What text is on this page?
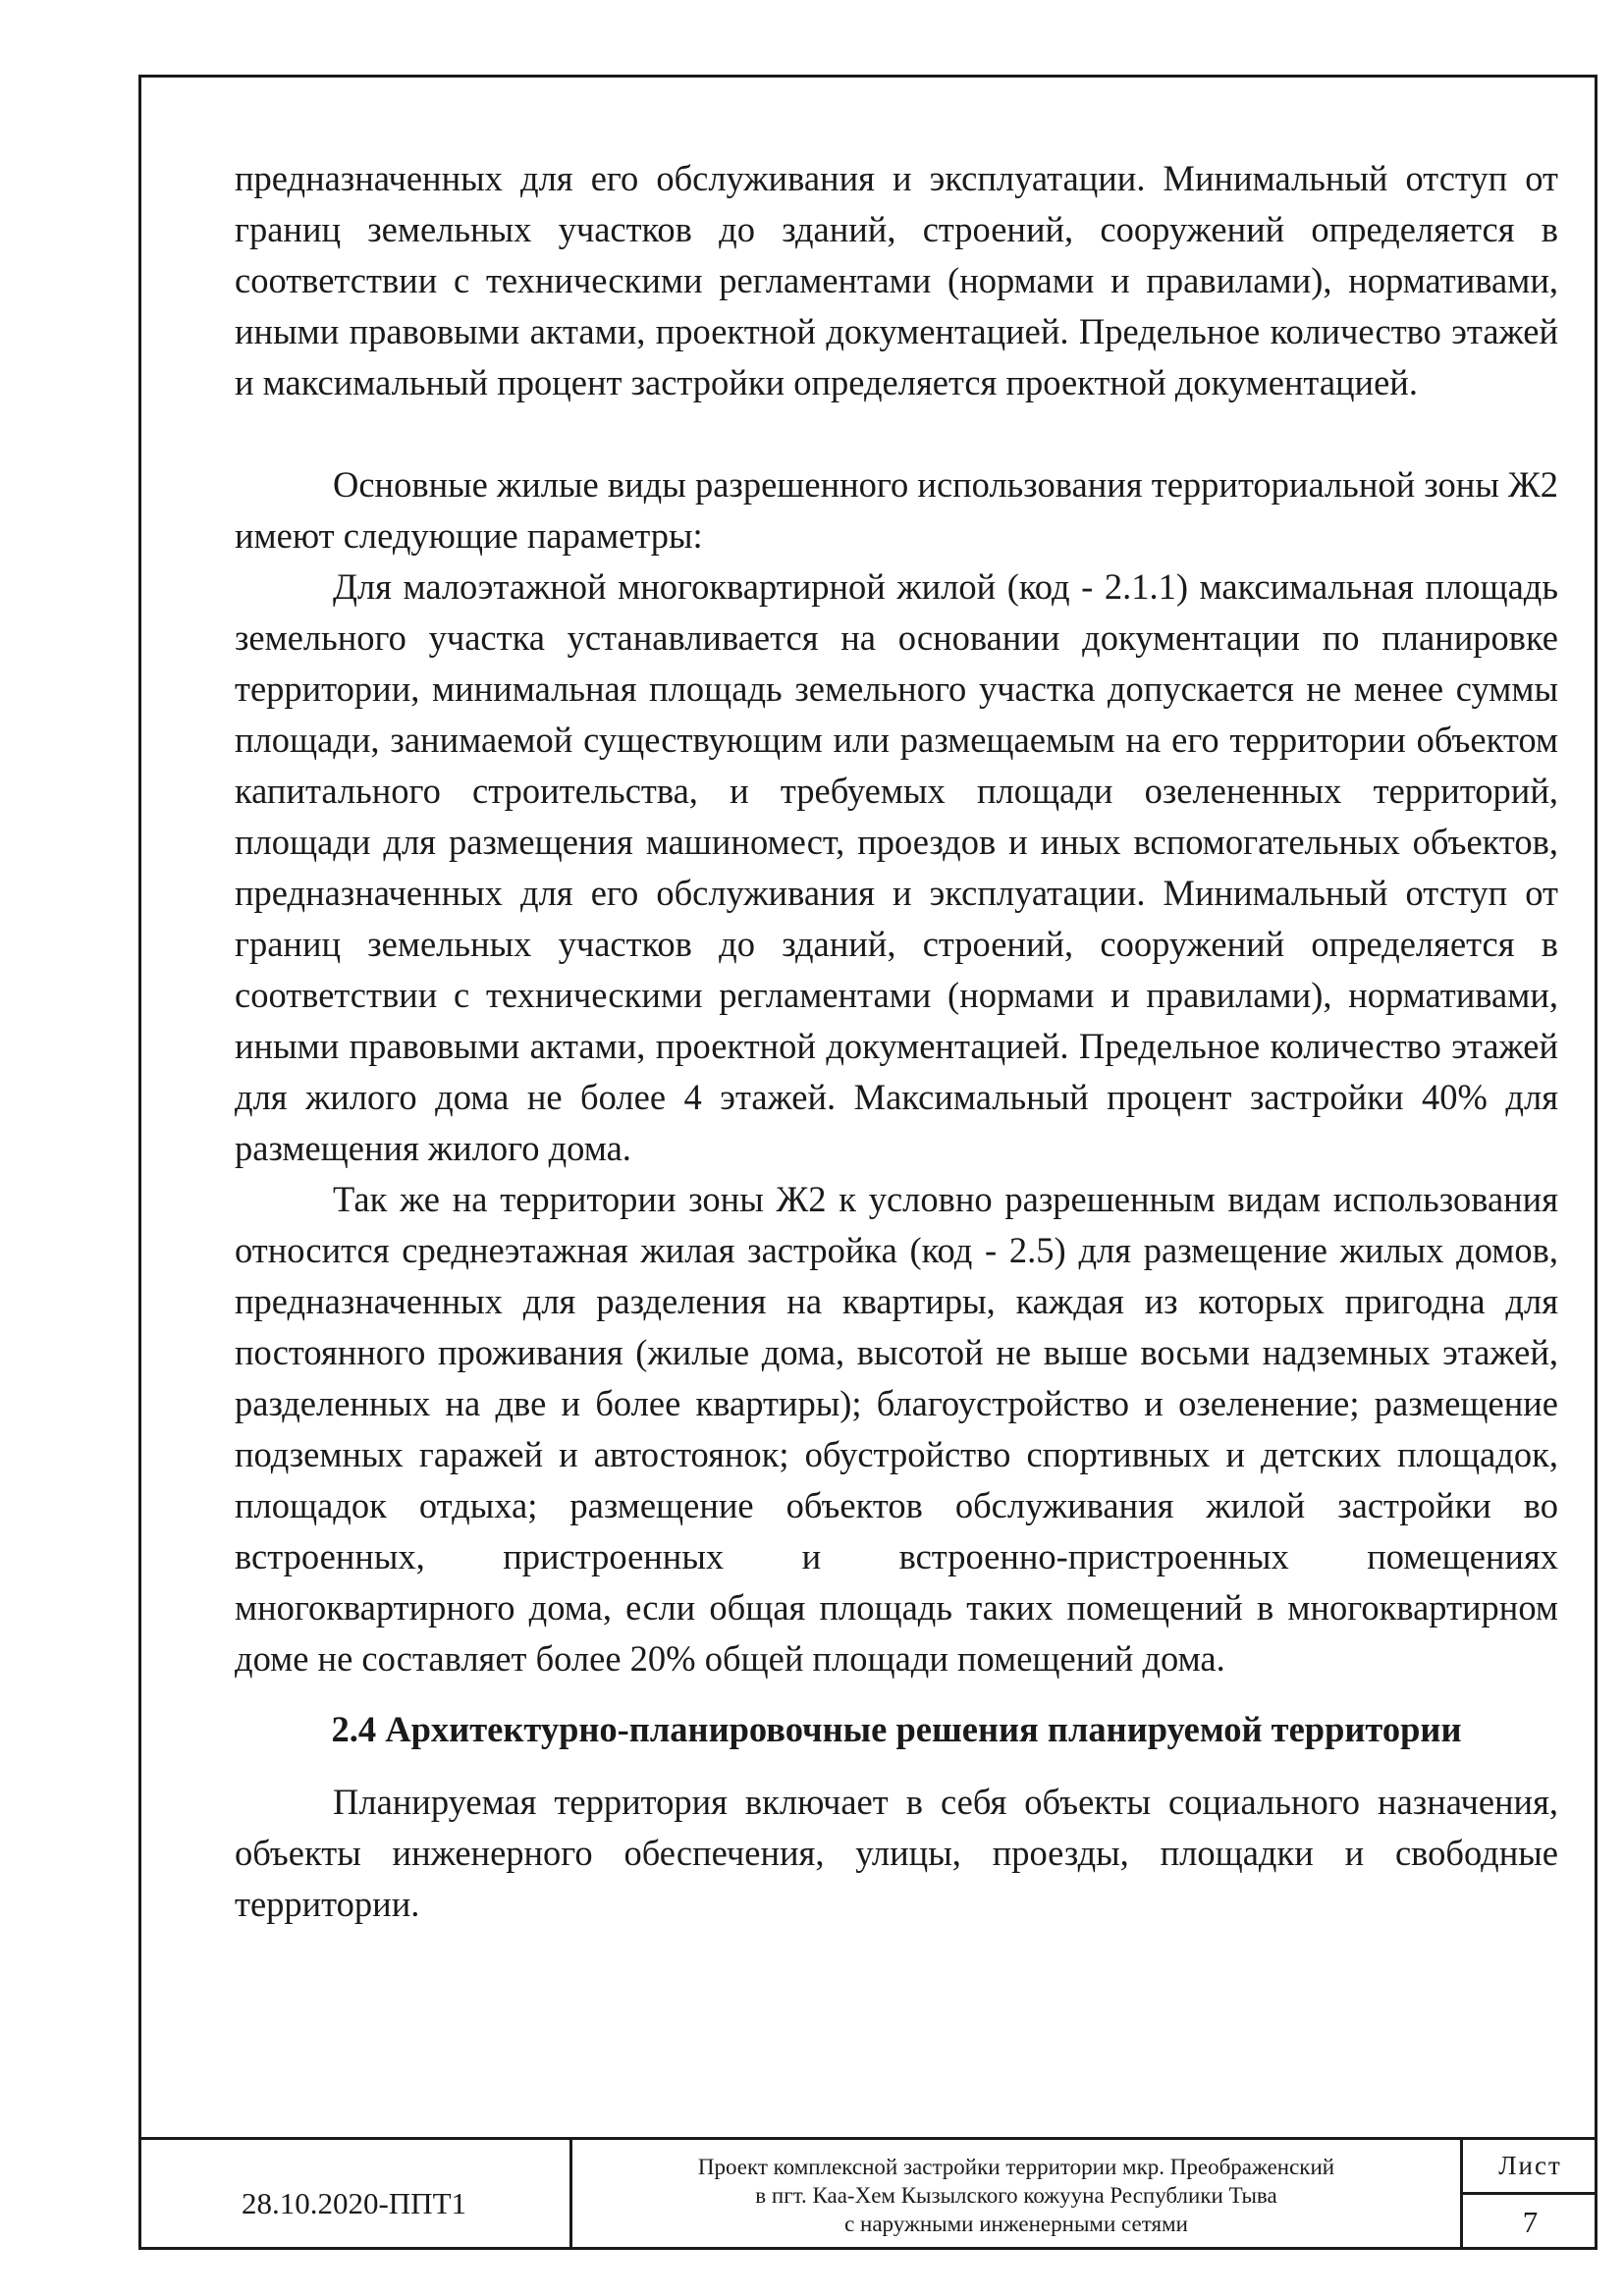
предназначенных для его обслуживания и эксплуатации. Минимальный отступ от границ земельных участков до зданий, строений, сооружений определяется в соответствии с техническими регламентами (нормами и правилами), нормативами, иными правовыми актами, проектной документацией. Предельное количество этажей и максимальный процент застройки определяется проектной документацией.

Основные жилые виды разрешенного использования территориальной зоны Ж2 имеют следующие параметры:

Для малоэтажной многоквартирной жилой (код - 2.1.1) максимальная площадь земельного участка устанавливается на основании документации по планировке территории, минимальная площадь земельного участка допускается не менее суммы площади, занимаемой существующим или размещаемым на его территории объектом капитального строительства, и требуемых площади озелененных территорий, площади для размещения машиномест, проездов и иных вспомогательных объектов, предназначенных для его обслуживания и эксплуатации. Минимальный отступ от границ земельных участков до зданий, строений, сооружений определяется в соответствии с техническими регламентами (нормами и правилами), нормативами, иными правовыми актами, проектной документацией. Предельное количество этажей для жилого дома не более 4 этажей. Максимальный процент застройки 40% для размещения жилого дома.

Так же на территории зоны Ж2 к условно разрешенным видам использования относится среднеэтажная жилая застройка (код - 2.5) для размещение жилых домов, предназначенных для разделения на квартиры, каждая из которых пригодна для постоянного проживания (жилые дома, высотой не выше восьми надземных этажей, разделенных на две и более квартиры); благоустройство и озеленение; размещение подземных гаражей и автостоянок; обустройство спортивных и детских площадок, площадок отдыха; размещение объектов обслуживания жилой застройки во встроенных, пристроенных и встроенно-пристроенных помещениях многоквартирного дома, если общая площадь таких помещений в многоквартирном доме не составляет более 20% общей площади помещений дома.

2.4 Архитектурно-планировочные решения планируемой территории

Планируемая территория включает в себя объекты социального назначения, объекты инженерного обеспечения, улицы, проезды, площадки и свободные территории.

28.10.2020-ППТ1
Проект комплексной застройки территории мкр. Преображенский
в пгт. Каа-Хем Кызылского кожууна Республики Тыва
с наружными инженерными сетями
Лист
7
